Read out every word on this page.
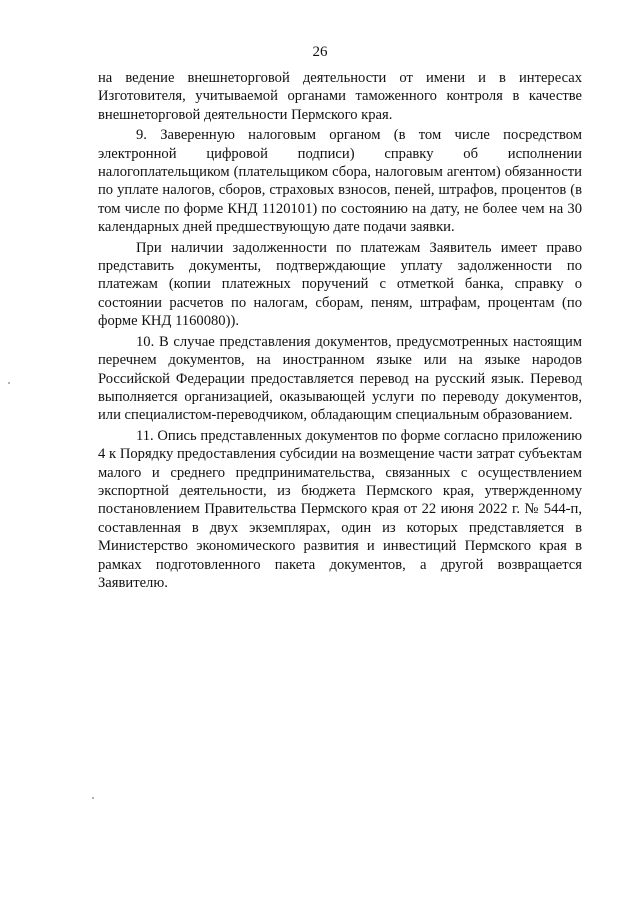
26

на ведение внешнеторговой деятельности от имени и в интересах Изготовителя, учитываемой органами таможенного контроля в качестве внешнеторговой деятельности Пермского края.

9. Заверенную налоговым органом (в том числе посредством электронной цифровой подписи) справку об исполнении налогоплательщиком (плательщиком сбора, налоговым агентом) обязанности по уплате налогов, сборов, страховых взносов, пеней, штрафов, процентов (в том числе по форме КНД 1120101) по состоянию на дату, не более чем на 30 календарных дней предшествующую дате подачи заявки.

При наличии задолженности по платежам Заявитель имеет право представить документы, подтверждающие уплату задолженности по платежам (копии платежных поручений с отметкой банка, справку о состоянии расчетов по налогам, сборам, пеням, штрафам, процентам (по форме КНД 1160080)).

10. В случае представления документов, предусмотренных настоящим перечнем документов, на иностранном языке или на языке народов Российской Федерации предоставляется перевод на русский язык. Перевод выполняется организацией, оказывающей услуги по переводу документов, или специалистом-переводчиком, обладающим специальным образованием.

11. Опись представленных документов по форме согласно приложению 4 к Порядку предоставления субсидии на возмещение части затрат субъектам малого и среднего предпринимательства, связанных с осуществлением экспортной деятельности, из бюджета Пермского края, утвержденному постановлением Правительства Пермского края от 22 июня 2022 г. № 544-п, составленная в двух экземплярах, один из которых представляется в Министерство экономического развития и инвестиций Пермского края в рамках подготовленного пакета документов, а другой возвращается Заявителю.
